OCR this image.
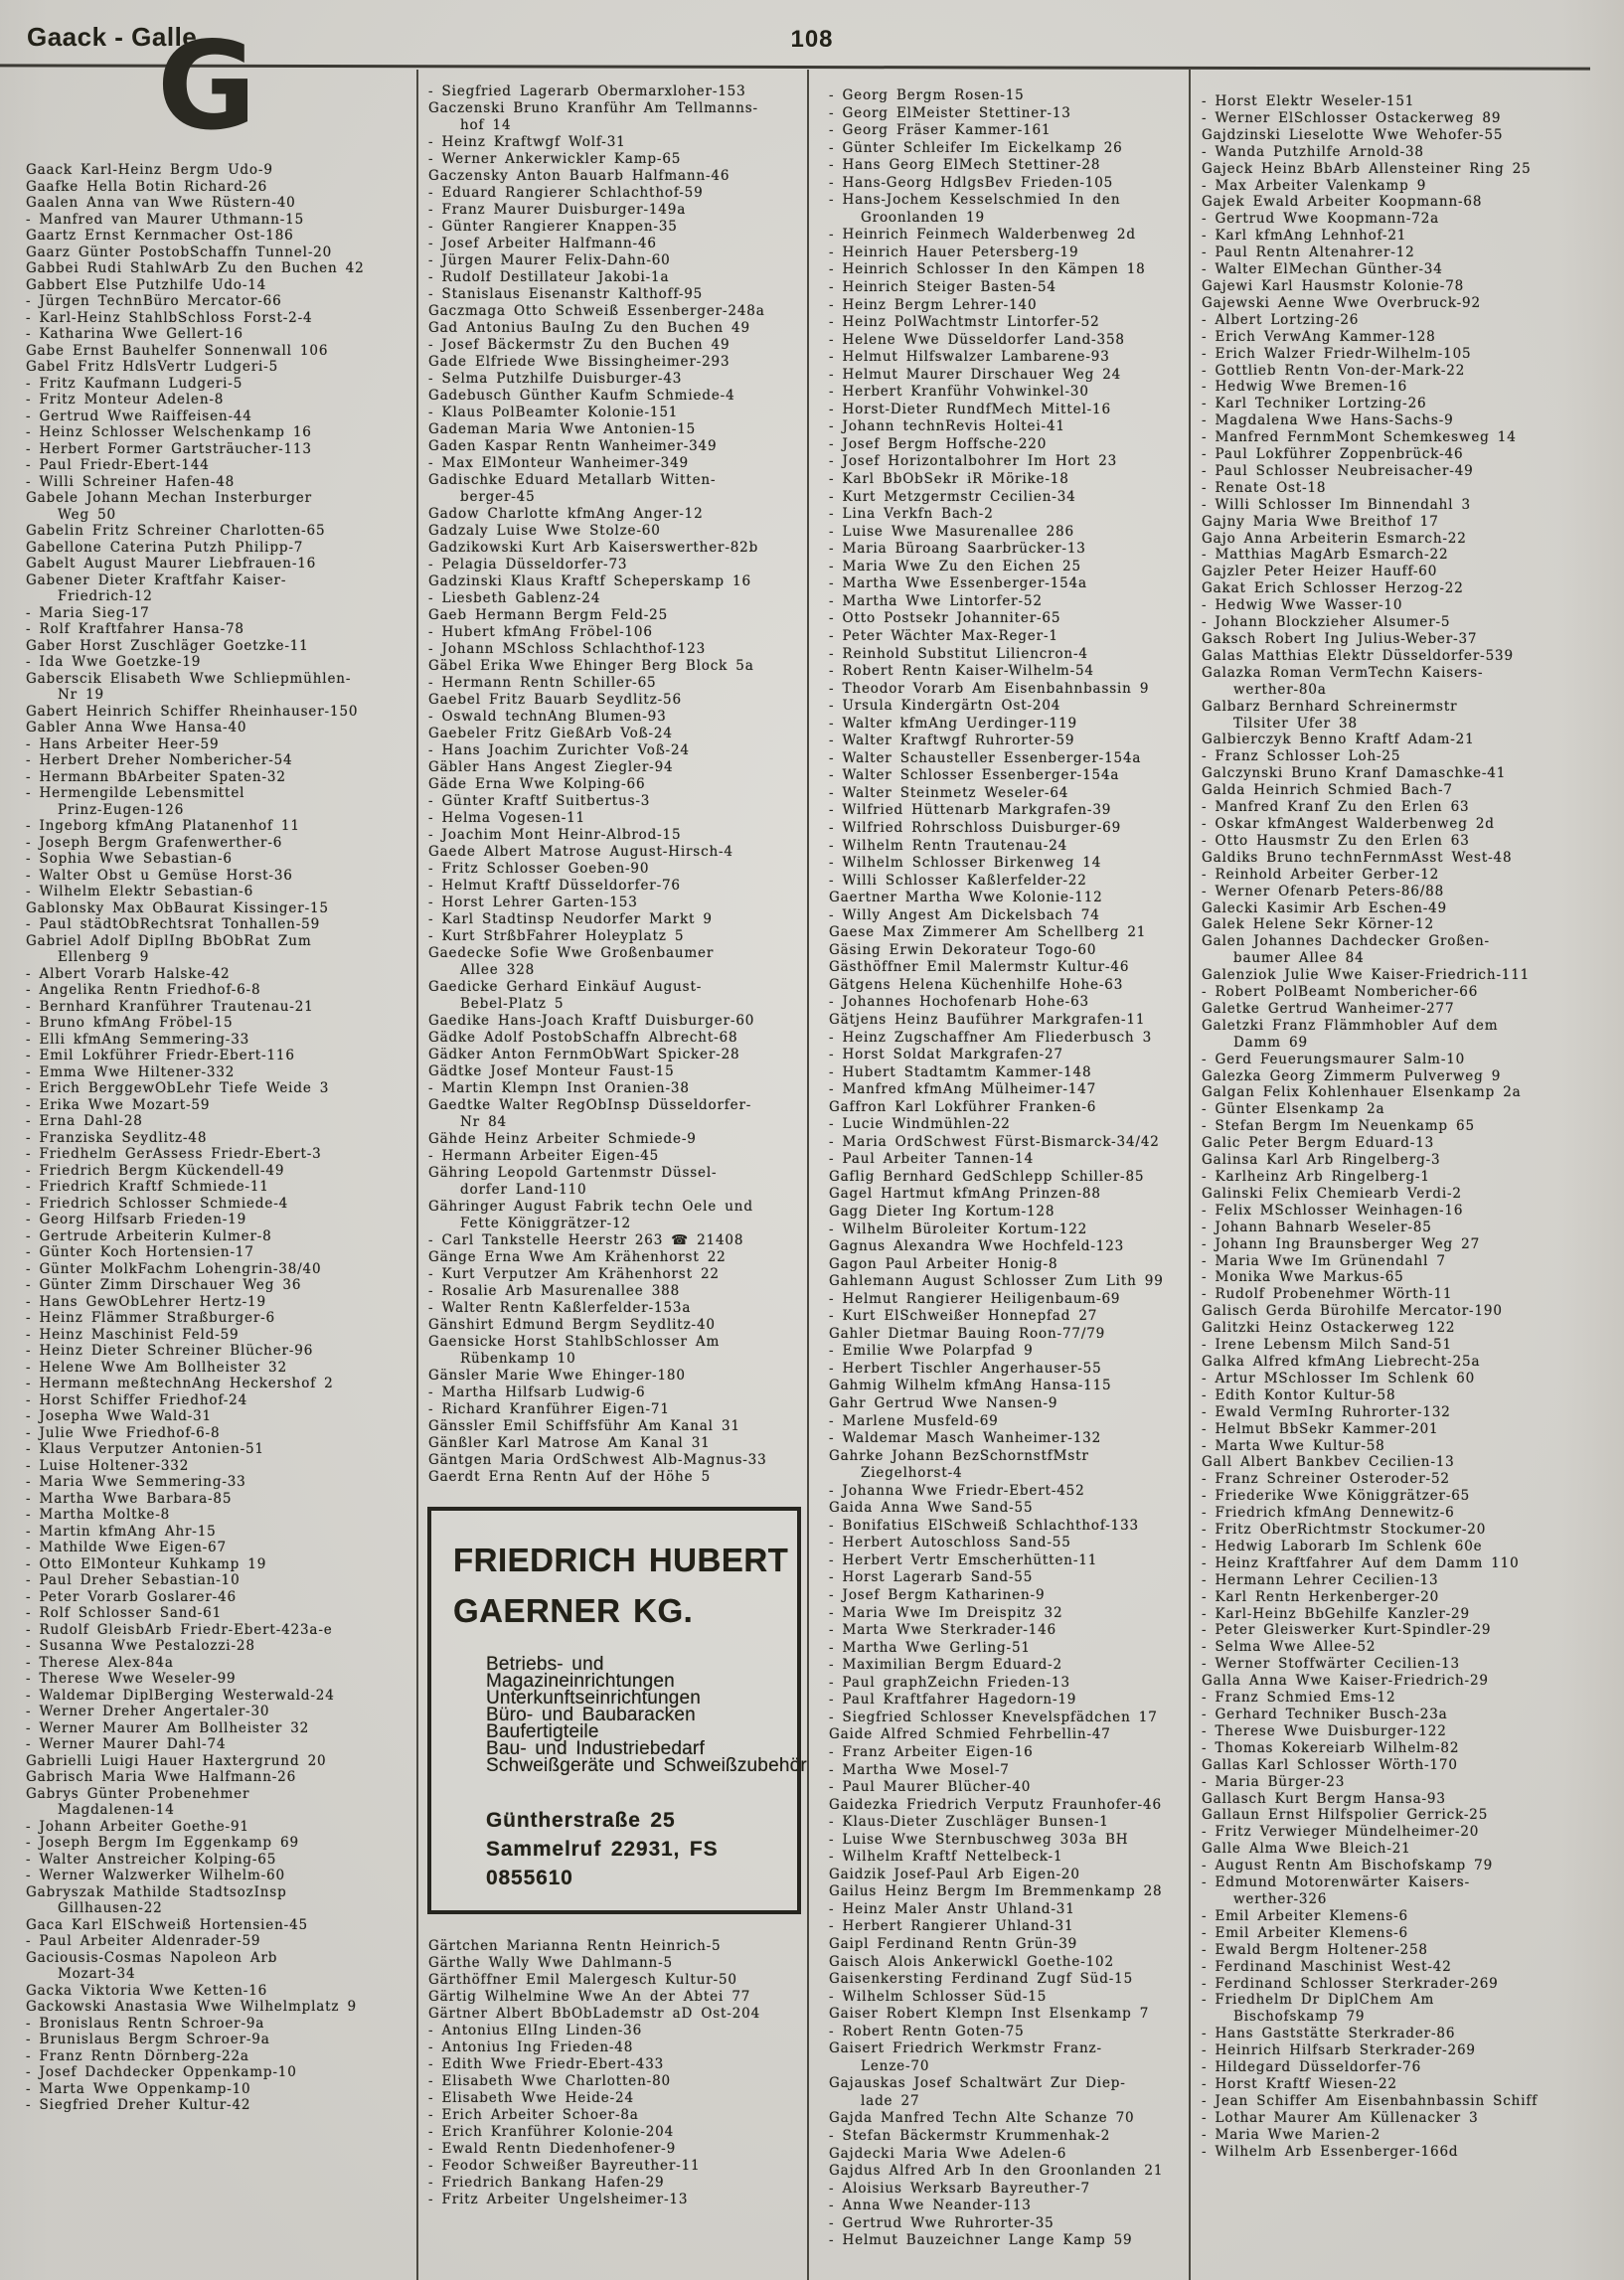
Gaack - Galle	108
G
Gaack Karl-Heinz Bergm Udo-9
Gaafke Hella Botin Richard-26
Gaalen Anna van Wwe Rüstern-40
- Manfred van Maurer Uthmann-15
Gaartz Ernst Kernmacher Ost-186
Gaarz Günter PostobSchaffn Tunnel-20
Gabbei Rudi StahlwArb Zu den Buchen 42
Gabbert Else Putzhilfe Udo-14
- Jürgen TechnBüro Mercator-66
- Karl-Heinz StahlbSchloss Forst-2-4
- Katharina Wwe Gellert-16
Gabe Ernst Bauhelfer Sonnenwall 106
Gabel Fritz HdlsVertr Ludgeri-5
- Fritz Kaufmann Ludgeri-5
- Fritz Monteur Adelen-8
- Gertrud Wwe Raiffeisen-44
- Heinz Schlosser Welschenkamp 16
- Herbert Former Gartsträucher-113
- Paul Friedr-Ebert-144
- Willi Schreiner Hafen-48
Gabele Johann Mechan Insterburger
Weg 50
Gabelin Fritz Schreiner Charlotten-65
Gabellone Caterina Putzh Philipp-7
Gabelt August Maurer Liebfrauen-16
Gabener Dieter Kraftfahr Kaiser-
Friedrich-12
- Maria Sieg-17
- Rolf Kraftfahrer Hansa-78
Gaber Horst Zuschläger Goetzke-11
- Ida Wwe Goetzke-19
Gaberscik Elisabeth Wwe Schliepmühlen-
Nr 19
Gabert Heinrich Schiffer Rheinhauser-150
Gabler Anna Wwe Hansa-40
- Hans Arbeiter Heer-59
- Herbert Dreher Nombericher-54
- Hermann BbArbeiter Spaten-32
- Hermengilde Lebensmittel
Prinz-Eugen-126
- Ingeborg kfmAng Platanenhof 11
- Joseph Bergm Grafenwerther-6
- Sophia Wwe Sebastian-6
- Walter Obst u Gemüse Horst-36
- Wilhelm Elektr Sebastian-6
Gablonsky Max ObBaurat Kissinger-15
- Paul städtObRechtsrat Tonhallen-59
Gabriel Adolf DiplIng BbObRat Zum
Ellenberg 9
- Albert Vorarb Halske-42
- Angelika Rentn Friedhof-6-8
- Bernhard Kranführer Trautenau-21
- Bruno kfmAng Fröbel-15
- Elli kfmAng Semmering-33
- Emil Lokführer Friedr-Ebert-116
- Emma Wwe Hiltener-332
- Erich BerggewObLehr Tiefe Weide 3
- Erika Wwe Mozart-59
- Erna Dahl-28
- Franziska Seydlitz-48
- Friedhelm GerAssess Friedr-Ebert-3
- Friedrich Bergm Kückendell-49
- Friedrich Kraftf Schmiede-11
- Friedrich Schlosser Schmiede-4
- Georg Hilfsarb Frieden-19
- Gertrude Arbeiterin Kulmer-8
- Günter Koch Hortensien-17
- Günter MolkFachm Lohengrin-38/40
- Günter Zimm Dirschauer Weg 36
- Hans GewObLehrer Hertz-19
- Heinz Flämmer Straßburger-6
- Heinz Maschinist Feld-59
- Heinz Dieter Schreiner Blücher-96
- Helene Wwe Am Bollheister 32
- Hermann meßtechnAng Heckershof 2
- Horst Schiffer Friedhof-24
- Josepha Wwe Wald-31
- Julie Wwe Friedhof-6-8
- Klaus Verputzer Antonien-51
- Luise Holtener-332
- Maria Wwe Semmering-33
- Martha Wwe Barbara-85
- Martha Moltke-8
- Martin kfmAng Ahr-15
- Mathilde Wwe Eigen-67
- Otto ElMonteur Kuhkamp 19
- Paul Dreher Sebastian-10
- Peter Vorarb Goslarer-46
- Rolf Schlosser Sand-61
- Rudolf GleisbArb Friedr-Ebert-423a-e
- Susanna Wwe Pestalozzi-28
- Therese Alex-84a
- Therese Wwe Weseler-99
- Waldemar DiplBerging Westerwald-24
- Werner Dreher Angertaler-30
- Werner Maurer Am Bollheister 32
- Werner Maurer Dahl-74
Gabrielli Luigi Hauer Haxtergrund 20
Gabrisch Maria Wwe Halfmann-26
Gabrys Günter Probenehmer
Magdalenen-14
- Johann Arbeiter Goethe-91
- Joseph Bergm Im Eggenkamp 69
- Walter Anstreicher Kolping-65
- Werner Walzwerker Wilhelm-60
Gabryszak Mathilde StadtsozInsp
Gillhausen-22
Gaca Karl ElSchweiß Hortensien-45
- Paul Arbeiter Aldenrader-59
Gaciousis-Cosmas Napoleon Arb
Mozart-34
Gacka Viktoria Wwe Ketten-16
Gackowski Anastasia Wwe Wilhelmplatz 9
- Bronislaus Rentn Schroer-9a
- Brunislaus Bergm Schroer-9a
- Franz Rentn Dörnberg-22a
- Josef Dachdecker Oppenkamp-10
- Marta Wwe Oppenkamp-10
- Siegfried Dreher Kultur-42
- Siegfried Lagerarb Obermarxloher-153
Gaczenski Bruno Kranführ Am Tellmanns-
hof 14
- Heinz Kraftwgf Wolf-31
- Werner Ankerwickler Kamp-65
Gaczensky Anton Bauarb Halfmann-46
- Eduard Rangierer Schlachthof-59
- Franz Maurer Duisburger-149a
- Günter Rangierer Knappen-35
- Josef Arbeiter Halfmann-46
- Jürgen Maurer Felix-Dahn-60
- Rudolf Destillateur Jakobi-1a
- Stanislaus Eisenanstr Kalthoff-95
Gaczmaga Otto Schweiß Essenberger-248a
Gad Antonius BauIng Zu den Buchen 49
- Josef Bäckermstr Zu den Buchen 49
Gade Elfriede Wwe Bissingheimer-293
- Selma Putzhilfe Duisburger-43
Gadebusch Günther Kaufm Schmiede-4
- Klaus PolBeamter Kolonie-151
Gademan Maria Wwe Antonien-15
Gaden Kaspar Rentn Wanheimer-349
- Max ElMonteur Wanheimer-349
Gadischke Eduard Metallarb Witten-
berger-45
Gadow Charlotte kfmAng Anger-12
Gadzaly Luise Wwe Stolze-60
Gadzikowski Kurt Arb Kaiserswerther-82b
- Pelagia Düsseldorfer-73
Gadzinski Klaus Kraftf Scheperskamp 16
- Liesbeth Gablenz-24
Gaeb Hermann Bergm Feld-25
- Hubert kfmAng Fröbel-106
- Johann MSchloss Schlachthof-123
Gäbel Erika Wwe Ehinger Berg Block 5a
- Hermann Rentn Schiller-65
Gaebel Fritz Bauarb Seydlitz-56
- Oswald technAng Blumen-93
Gaebeler Fritz GießArb Voß-24
- Hans Joachim Zurichter Voß-24
Gäbler Hans Angest Ziegler-94
Gäde Erna Wwe Kolping-66
- Günter Kraftf Suitbertus-3
- Helma Vogesen-11
- Joachim Mont Heinr-Albrod-15
Gaede Albert Matrose August-Hirsch-4
- Fritz Schlosser Goeben-90
- Helmut Kraftf Düsseldorfer-76
- Horst Lehrer Garten-153
- Karl Stadtinsp Neudorfer Markt 9
- Kurt StrßbFahrer Holeyplatz 5
Gaedecke Sofie Wwe Großenbaumer
Allee 328
Gaedicke Gerhard Einkäuf August-
Bebel-Platz 5
Gaedike Hans-Joach Kraftf Duisburger-60
Gädke Adolf PostobSchaffn Albrecht-68
Gädker Anton FernmObWart Spicker-28
Gädtke Josef Monteur Faust-15
- Martin Klempn Inst Oranien-38
Gaedtke Walter RegObInsp Düsseldorfer-
Nr 84
Gähde Heinz Arbeiter Schmiede-9
- Hermann Arbeiter Eigen-45
Gähring Leopold Gartenmstr Düssel-
dorfer Land-110
Gähringer August Fabrik techn Oele und
Fette Königgrätzer-12
- Carl Tankstelle Heerstr 263 ☎ 21408
Gänge Erna Wwe Am Krähenhorst 22
- Kurt Verputzer Am Krähenhorst 22
- Rosalie Arb Masurenallee 388
- Walter Rentn Kaßlerfelder-153a
Gänshirt Edmund Bergm Seydlitz-40
Gaensicke Horst StahlbSchlosser Am
Rübenkamp 10
Gänsler Marie Wwe Ehinger-180
- Martha Hilfsarb Ludwig-6
- Richard Kranführer Eigen-71
Gänssler Emil Schiffsführ Am Kanal 31
Gänßler Karl Matrose Am Kanal 31
Gäntgen Maria OrdSchwest Alb-Magnus-33
Gaerdt Erna Rentn Auf der Höhe 5
FRIEDRICH HUBERT
GAERNER KG.
Betriebs- und
Magazineinrichtungen
Unterkunftseinrichtungen
Büro- und Baubaracken
Baufertigteile
Bau- und Industriebedarf
Schweißgeräte und Schweißzubehör
Güntherstraße 25
Sammelruf 22931, FS 0855610
Gärtchen Marianna Rentn Heinrich-5
Gärthe Wally Wwe Dahlmann-5
Gärthöffner Emil Malergesch Kultur-50
Gärtig Wilhelmine Wwe An der Abtei 77
Gärtner Albert BbObLademstr aD Ost-204
- Antonius ElIng Linden-36
- Antonius Ing Frieden-48
- Edith Wwe Friedr-Ebert-433
- Elisabeth Wwe Charlotten-80
- Elisabeth Wwe Heide-24
- Erich Arbeiter Schoer-8a
- Erich Kranführer Kolonie-204
- Ewald Rentn Diedenhofener-9
- Feodor Schweißer Bayreuther-11
- Friedrich Bankang Hafen-29
- Fritz Arbeiter Ungelsheimer-13
- Georg Bergm Rosen-15
- Georg ElMeister Stettiner-13
- Georg Fräser Kammer-161
- Günter Schleifer Im Eickelkamp 26
- Hans Georg ElMech Stettiner-28
- Hans-Georg HdlgsBev Frieden-105
- Hans-Jochem Kesselschmied In den
Groonlanden 19
- Heinrich Feinmech Walderbenweg 2d
- Heinrich Hauer Petersberg-19
- Heinrich Schlosser In den Kämpen 18
- Heinrich Steiger Basten-54
- Heinz Bergm Lehrer-140
- Heinz PolWachtmstr Lintorfer-52
- Helene Wwe Düsseldorfer Land-358
- Helmut Hilfswalzer Lambarene-93
- Helmut Maurer Dirschauer Weg 24
- Herbert Kranführ Vohwinkel-30
- Horst-Dieter RundfMech Mittel-16
- Johann technRevis Holtei-41
- Josef Bergm Hoffsche-220
- Josef Horizontalbohrer Im Hort 23
- Karl BbObSekr iR Mörike-18
- Kurt Metzgermstr Cecilien-34
- Lina Verkfn Bach-2
- Luise Wwe Masurenallee 286
- Maria Büroang Saarbrücker-13
- Maria Wwe Zu den Eichen 25
- Martha Wwe Essenberger-154a
- Martha Wwe Lintorfer-52
- Otto Postsekr Johanniter-65
- Peter Wächter Max-Reger-1
- Reinhold Substitut Liliencron-4
- Robert Rentn Kaiser-Wilhelm-54
- Theodor Vorarb Am Eisenbahnbassin 9
- Ursula Kindergärtn Ost-204
- Walter kfmAng Uerdinger-119
- Walter Kraftwgf Ruhrorter-59
- Walter Schausteller Essenberger-154a
- Walter Schlosser Essenberger-154a
- Walter Steinmetz Weseler-64
- Wilfried Hüttenarb Markgrafen-39
- Wilfried Rohrschloss Duisburger-69
- Wilhelm Rentn Trautenau-24
- Wilhelm Schlosser Birkenweg 14
- Willi Schlosser Kaßlerfelder-22
Gaertner Martha Wwe Kolonie-112
- Willy Angest Am Dickelsbach 74
Gaese Max Zimmerer Am Schellberg 21
Gäsing Erwin Dekorateur Togo-60
Gästhöffner Emil Malermstr Kultur-46
Gätgens Helena Küchenhilfe Hohe-63
- Johannes Hochofenarb Hohe-63
Gätjens Heinz Bauführer Markgrafen-11
- Heinz Zugschaffner Am Fliederbusch 3
- Horst Soldat Markgrafen-27
- Hubert Stadtamtm Kammer-148
- Manfred kfmAng Mülheimer-147
Gaffron Karl Lokführer Franken-6
- Lucie Windmühlen-22
- Maria OrdSchwest Fürst-Bismarck-34/42
- Paul Arbeiter Tannen-14
Gaflig Bernhard GedSchlepp Schiller-85
Gagel Hartmut kfmAng Prinzen-88
Gagg Dieter Ing Kortum-128
- Wilhelm Büroleiter Kortum-122
Gagnus Alexandra Wwe Hochfeld-123
Gagon Paul Arbeiter Honig-8
Gahlemann August Schlosser Zum Lith 99
- Helmut Rangierer Heiligenbaum-69
- Kurt ElSchweißer Honnepfad 27
Gahler Dietmar Bauing Roon-77/79
- Emilie Wwe Polarpfad 9
- Herbert Tischler Angerhauser-55
Gahmig Wilhelm kfmAng Hansa-115
Gahr Gertrud Wwe Nansen-9
- Marlene Musfeld-69
- Waldemar Masch Wanheimer-132
Gahrke Johann BezSchornstfMstr
Ziegelhorst-4
- Johanna Wwe Friedr-Ebert-452
Gaida Anna Wwe Sand-55
- Bonifatius ElSchweiß Schlachthof-133
- Herbert Autoschloss Sand-55
- Herbert Vertr Emscherhütten-11
- Horst Lagerarb Sand-55
- Josef Bergm Katharinen-9
- Maria Wwe Im Dreispitz 32
- Marta Wwe Sterkrader-146
- Martha Wwe Gerling-51
- Maximilian Bergm Eduard-2
- Paul graphZeichn Frieden-13
- Paul Kraftfahrer Hagedorn-19
- Siegfried Schlosser Knevelspfädchen 17
Gaide Alfred Schmied Fehrbellin-47
- Franz Arbeiter Eigen-16
- Martha Wwe Mosel-7
- Paul Maurer Blücher-40
Gaidezka Friedrich Verputz Fraunhofer-46
- Klaus-Dieter Zuschläger Bunsen-1
- Luise Wwe Sternbuschweg 303a BH
- Wilhelm Kraftf Nettelbeck-1
Gaidzik Josef-Paul Arb Eigen-20
Gailus Heinz Bergm Im Bremmenkamp 28
- Heinz Maler Anstr Uhland-31
- Herbert Rangierer Uhland-31
Gaipl Ferdinand Rentn Grün-39
Gaisch Alois Ankerwickl Goethe-102
Gaisenkersting Ferdinand Zugf Süd-15
- Wilhelm Schlosser Süd-15
Gaiser Robert Klempn Inst Elsenkamp 7
- Robert Rentn Goten-75
Gaisert Friedrich Werkmstr Franz-
Lenze-70
Gajauskas Josef Schaltwärt Zur Diep-
lade 27
Gajda Manfred Techn Alte Schanze 70
- Stefan Bäckermstr Krummenhak-2
Gajdecki Maria Wwe Adelen-6
Gajdus Alfred Arb In den Groonlanden 21
- Aloisius Werksarb Bayreuther-7
- Anna Wwe Neander-113
- Gertrud Wwe Ruhrorter-35
- Helmut Bauzeichner Lange Kamp 59
- Horst Elektr Weseler-151
- Werner ElSchlosser Ostackerweg 89
Gajdzinski Lieselotte Wwe Wehofer-55
- Wanda Putzhilfe Arnold-38
Gajeck Heinz BbArb Allensteiner Ring 25
- Max Arbeiter Valenkamp 9
Gajek Ewald Arbeiter Koopmann-68
- Gertrud Wwe Koopmann-72a
- Karl kfmAng Lehnhof-21
- Paul Rentn Altenahrer-12
- Walter ElMechan Günther-34
Gajewi Karl Hausmstr Kolonie-78
Gajewski Aenne Wwe Overbruck-92
- Albert Lortzing-26
- Erich VerwAng Kammer-128
- Erich Walzer Friedr-Wilhelm-105
- Gottlieb Rentn Von-der-Mark-22
- Hedwig Wwe Bremen-16
- Karl Techniker Lortzing-26
- Magdalena Wwe Hans-Sachs-9
- Manfred FernmMont Schemkesweg 14
- Paul Lokführer Zoppenbrück-46
- Paul Schlosser Neubreisacher-49
- Renate Ost-18
- Willi Schlosser Im Binnendahl 3
Gajny Maria Wwe Breithof 17
Gajo Anna Arbeiterin Esmarch-22
- Matthias MagArb Esmarch-22
Gajzler Peter Heizer Hauff-60
Gakat Erich Schlosser Herzog-22
- Hedwig Wwe Wasser-10
- Johann Blockzieher Alsumer-5
Gaksch Robert Ing Julius-Weber-37
Galas Matthias Elektr Düsseldorfer-539
Galazka Roman VermTechn Kaisers-
werther-80a
Galbarz Bernhard Schreinermstr
Tilsiter Ufer 38
Galbierczyk Benno Kraftf Adam-21
- Franz Schlosser Loh-25
Galczynski Bruno Kranf Damaschke-41
Galda Heinrich Schmied Bach-7
- Manfred Kranf Zu den Erlen 63
- Oskar kfmAngest Walderbenweg 2d
- Otto Hausmstr Zu den Erlen 63
Galdiks Bruno technFernmAsst West-48
- Reinhold Arbeiter Gerber-12
- Werner Ofenarb Peters-86/88
Galecki Kasimir Arb Eschen-49
Galek Helene Sekr Körner-12
Galen Johannes Dachdecker Großen-
baumer Allee 84
Galenziok Julie Wwe Kaiser-Friedrich-111
- Robert PolBeamt Nombericher-66
Galetke Gertrud Wanheimer-277
Galetzki Franz Flämmhobler Auf dem
Damm 69
- Gerd Feuerungsmaurer Salm-10
Galezka Georg Zimmerm Pulverweg 9
Galgan Felix Kohlenhauer Elsenkamp 2a
- Günter Elsenkamp 2a
- Stefan Bergm Im Neuenkamp 65
Galic Peter Bergm Eduard-13
Galinsa Karl Arb Ringelberg-3
- Karlheinz Arb Ringelberg-1
Galinski Felix Chemiearb Verdi-2
- Felix MSchlosser Weinhagen-16
- Johann Bahnarb Weseler-85
- Johann Ing Braunsberger Weg 27
- Maria Wwe Im Grünendahl 7
- Monika Wwe Markus-65
- Rudolf Probenehmer Wörth-11
Galisch Gerda Bürohilfe Mercator-190
Galitzki Heinz Ostackerweg 122
- Irene Lebensm Milch Sand-51
Galka Alfred kfmAng Liebrecht-25a
- Artur MSchlosser Im Schlenk 60
- Edith Kontor Kultur-58
- Ewald VermIng Ruhrorter-132
- Helmut BbSekr Kammer-201
- Marta Wwe Kultur-58
Gall Albert Bankbev Cecilien-13
- Franz Schreiner Osteroder-52
- Friederike Wwe Königgrätzer-65
- Friedrich kfmAng Dennewitz-6
- Fritz OberRichtmstr Stockumer-20
- Hedwig Laborarb Im Schlenk 60e
- Heinz Kraftfahrer Auf dem Damm 110
- Hermann Lehrer Cecilien-13
- Karl Rentn Herkenberger-20
- Karl-Heinz BbGehilfe Kanzler-29
- Peter Gleiswerker Kurt-Spindler-29
- Selma Wwe Allee-52
- Werner Stoffwärter Cecilien-13
Galla Anna Wwe Kaiser-Friedrich-29
- Franz Schmied Ems-12
- Gerhard Techniker Busch-23a
- Therese Wwe Duisburger-122
- Thomas Kokereiarb Wilhelm-82
Gallas Karl Schlosser Wörth-170
- Maria Bürger-23
Gallasch Kurt Bergm Hansa-93
Gallaun Ernst Hilfspolier Gerrick-25
- Fritz Verwieger Mündelheimer-20
Galle Alma Wwe Bleich-21
- August Rentn Am Bischofskamp 79
- Edmund Motorenwärter Kaisers-
werther-326
- Emil Arbeiter Klemens-6
- Emil Arbeiter Klemens-6
- Ewald Bergm Holtener-258
- Ferdinand Maschinist West-42
- Ferdinand Schlosser Sterkrader-269
- Friedhelm Dr DiplChem Am
Bischofskamp 79
- Hans Gaststätte Sterkrader-86
- Heinrich Hilfsarb Sterkrader-269
- Hildegard Düsseldorfer-76
- Horst Kraftf Wiesen-22
- Jean Schiffer Am Eisenbahnbassin Schiff
- Lothar Maurer Am Küllenacker 3
- Maria Wwe Marien-2
- Wilhelm Arb Essenberger-166d
